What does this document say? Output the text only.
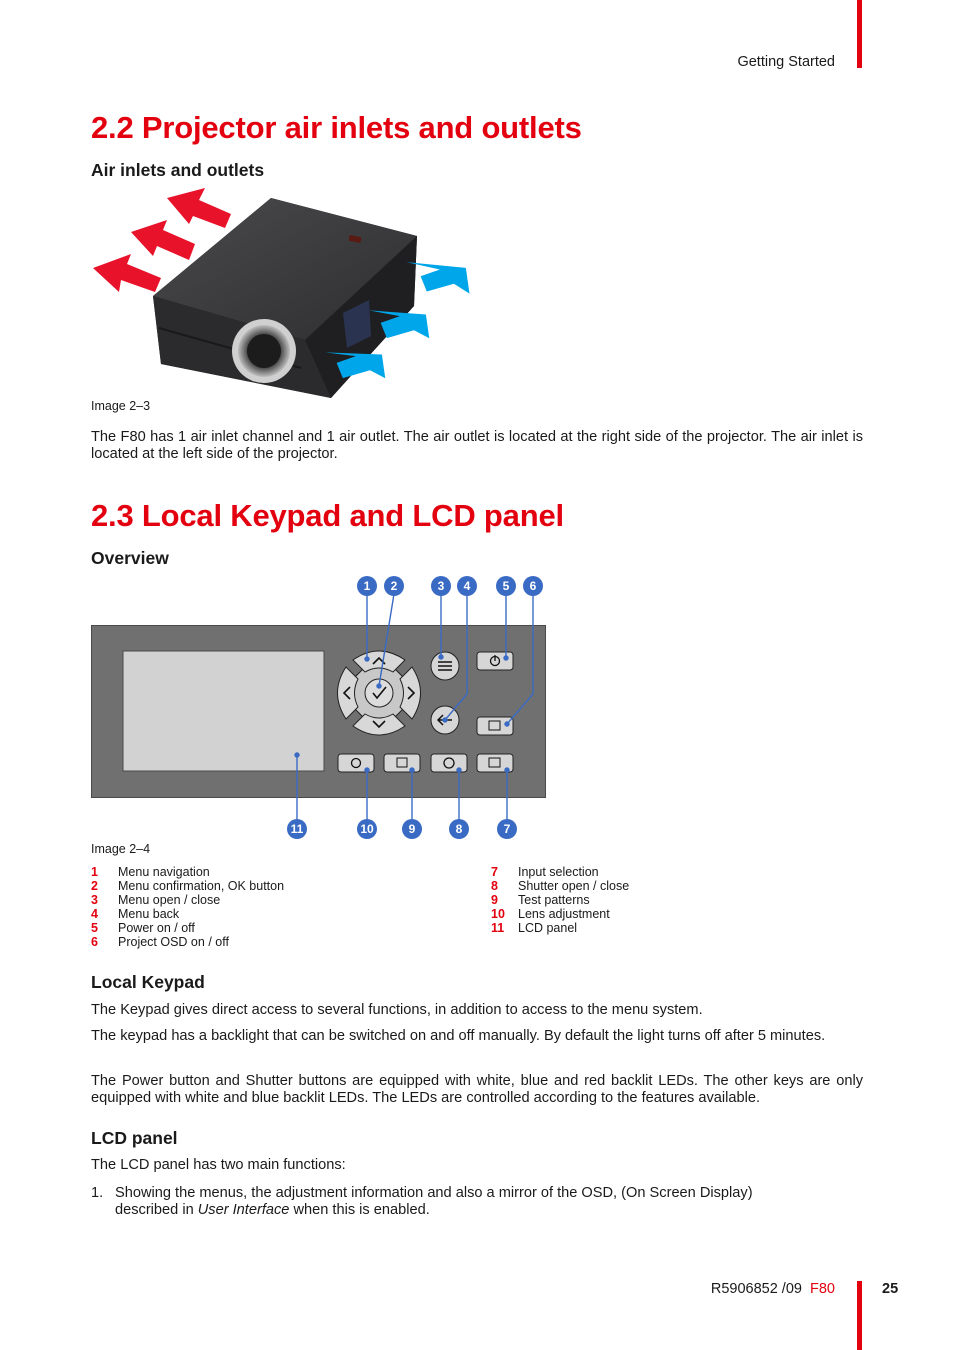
Getting Started
2.2 Projector air inlets and outlets
Air inlets and outlets
Image 2–3

The F80 has 1 air inlet channel and 1 air outlet. The air outlet is located at the right side of the projector. The air inlet is located at the left side of the projector.

2.3 Local Keypad and LCD panel
Overview
1 2	3 4	5 6
7
8
9
10
11
Image 2–4
1	Menu navigation
2	Menu confirmation, OK button
3	Menu open / close
4	Menu back
5	Power on / off
6	Project OSD on / off
7	Input selection
8	Shutter open / close
9	Test patterns
10	Lens adjustment
11	LCD panel
Local Keypad

The Keypad gives direct access to several functions, in addition to access to the menu system.

The keypad has a backlight that can be switched on and off manually. By default the light turns off after 5 minutes.

The Power button and Shutter buttons are equipped with white, blue and red backlit LEDs. The other keys are only equipped with white and blue backlit LEDs. The LEDs are controlled according to the features available.

LCD panel

The LCD panel has two main functions:

1. Showing the menus, the adjustment information and also a mirror of the OSD, (On Screen Display) described in User Interface when this is enabled.
R5906852 /09 F80	25
